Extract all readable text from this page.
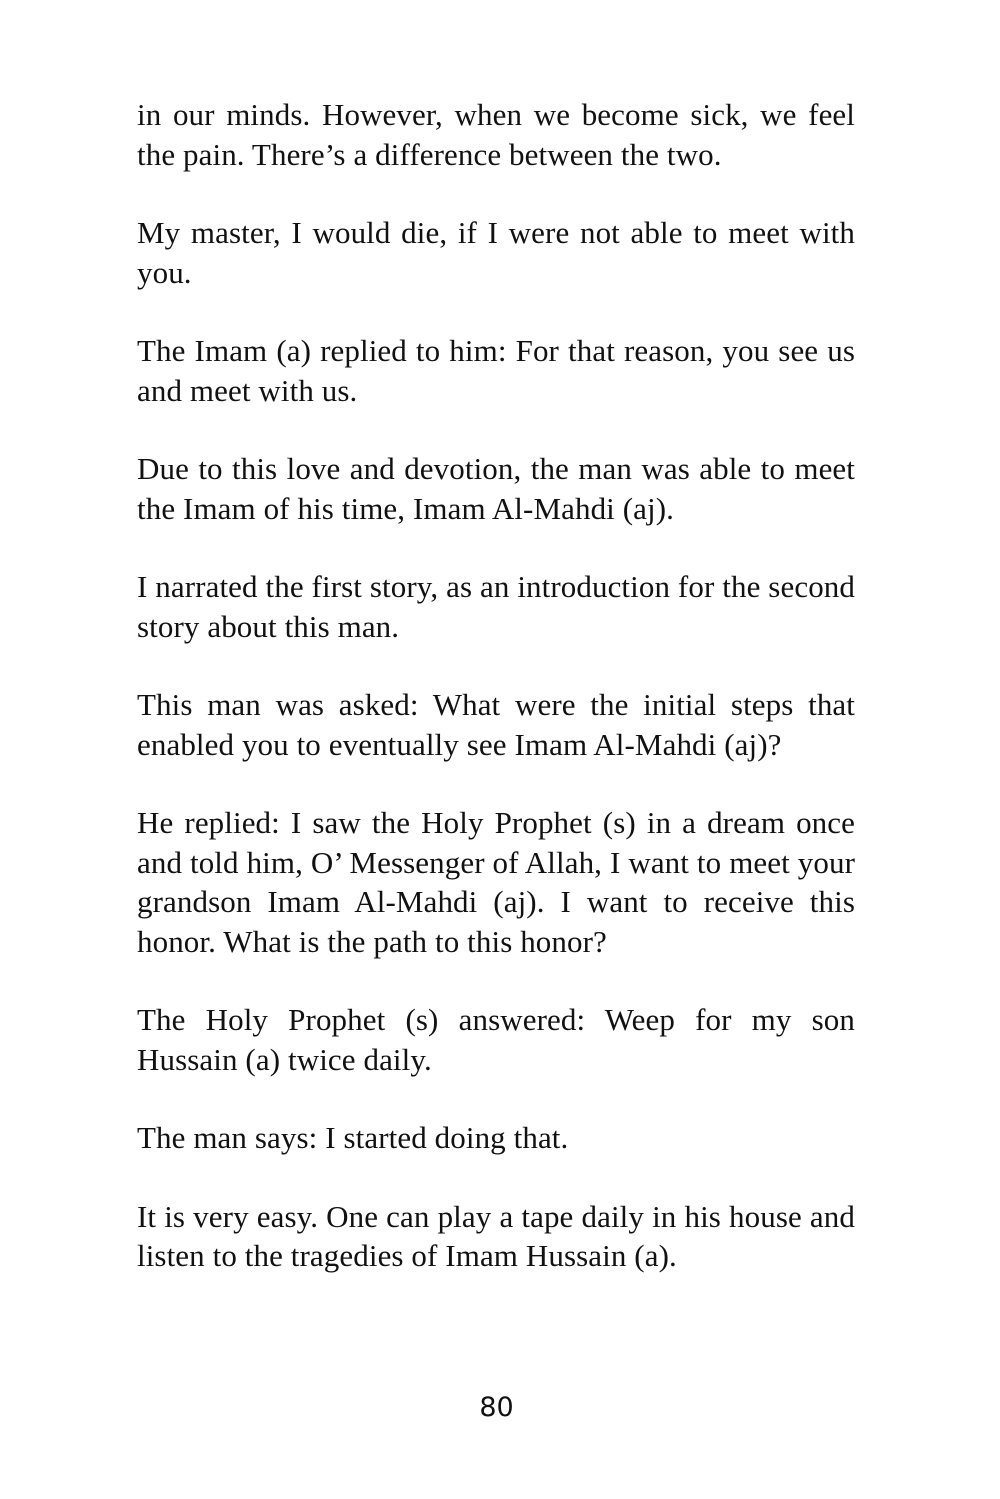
in our minds. However, when we become sick, we feel the pain. There’s a difference between the two.

My master, I would die, if I were not able to meet with you.

The Imam (a) replied to him: For that reason, you see us and meet with us.

Due to this love and devotion, the man was able to meet the Imam of his time, Imam Al-Mahdi (aj).

I narrated the first story, as an introduction for the second story about this man.

This man was asked: What were the initial steps that enabled you to eventually see Imam Al-Mahdi (aj)?

He replied: I saw the Holy Prophet (s) in a dream once and told him, O’ Messenger of Allah, I want to meet your grandson Imam Al-Mahdi (aj). I want to receive this honor. What is the path to this honor?

The Holy Prophet (s) answered: Weep for my son Hussain (a) twice daily.

The man says: I started doing that.

It is very easy. One can play a tape daily in his house and listen to the tragedies of Imam Hussain (a).

80
